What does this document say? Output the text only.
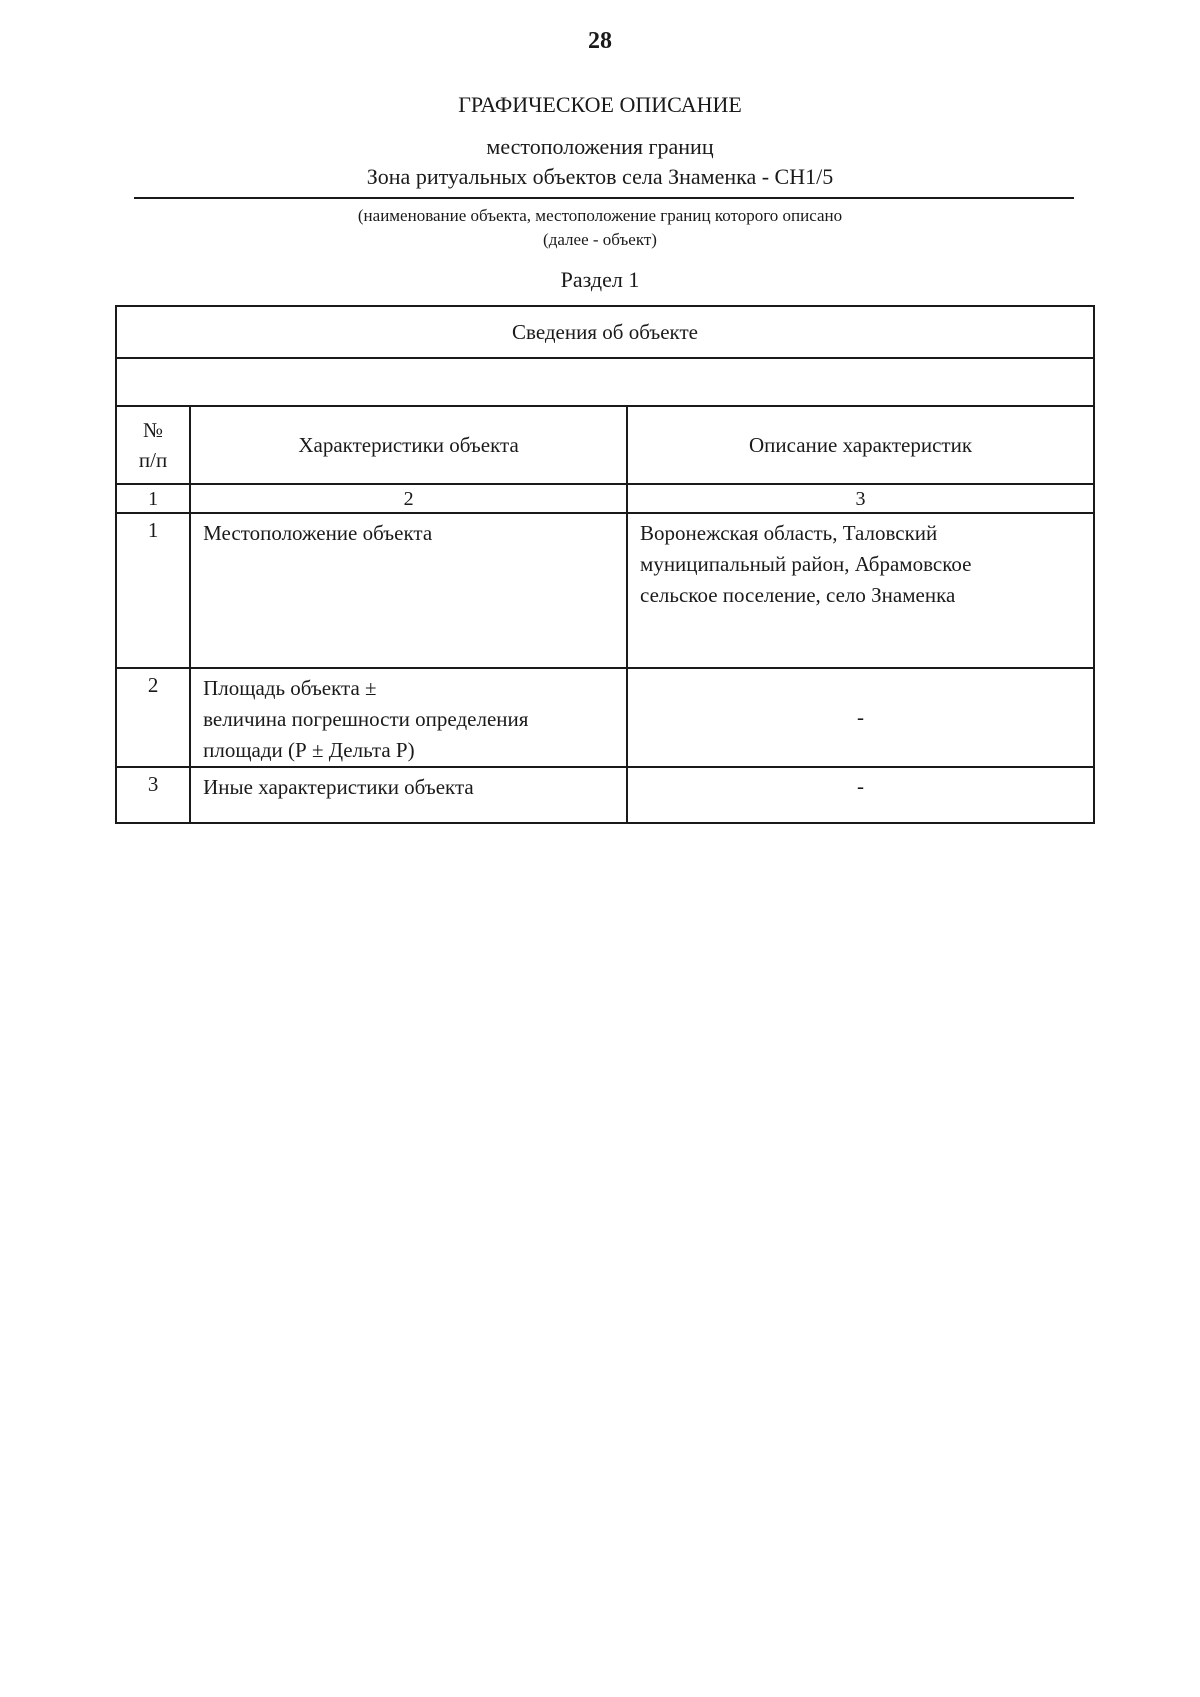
28
ГРАФИЧЕСКОЕ ОПИСАНИЕ
местоположения границ
Зона ритуальных объектов села Знаменка - СН1/5
(наименование объекта, местоположение границ которого описано
(далее - объект)
Раздел 1
Сведения об объекте		

№
п/п	Характеристики объекта	Описание характеристик
1	2	3
1	Местоположение объекта	Воронежская область, Таловский
муниципальный район, Абрамовское
сельское поселение, село Знаменка

2	Площадь объекта ±
величина погрешности определения
площади (Р ± Дельта Р)	-
3	Иные характеристики объекта	-
